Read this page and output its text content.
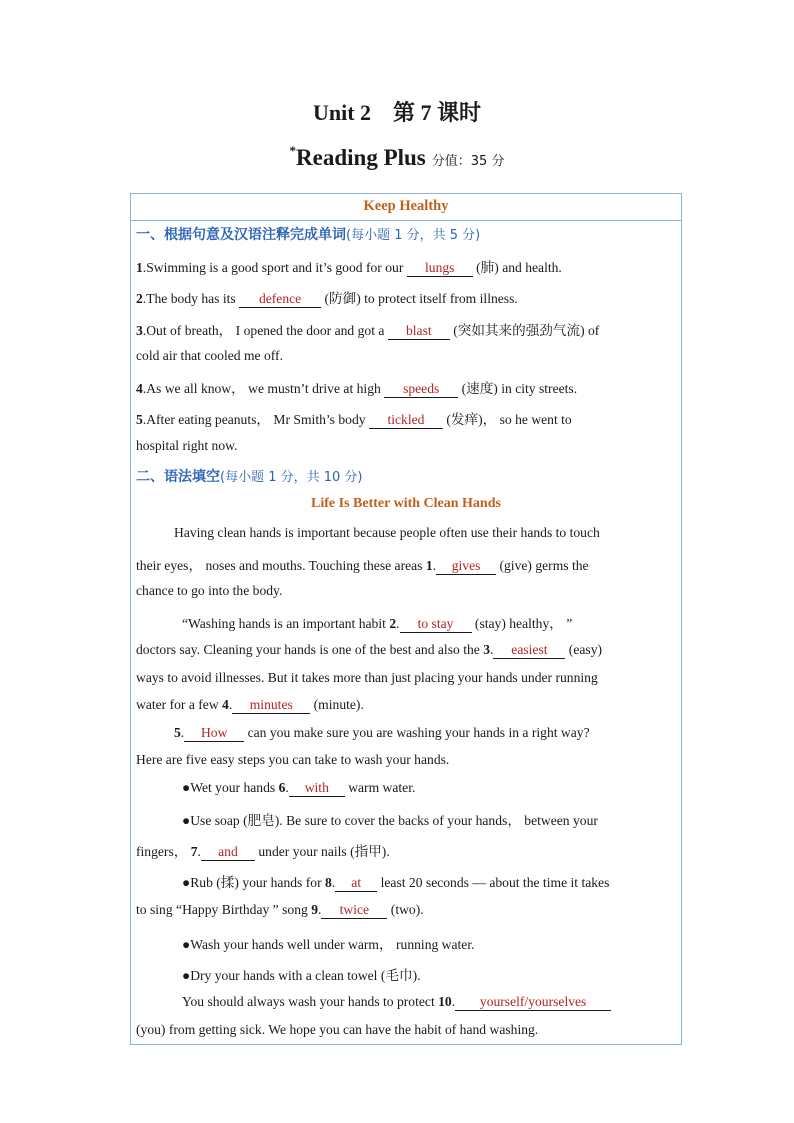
Unit 2 第 7 课时
*Reading Plus 分值：35 分
Keep Healthy
一、根据句意及汉语注释完成单词(每小题 1 分，共 5 分)
1.Swimming is a good sport and it’s good for our lungs (肺) and health.
2.The body has its defence (防御) to protect itself from illness.
3.Out of breath， I opened the door and got a blast (突如其来的强劲气流) of
cold air that cooled me off.
4.As we all know， we mustn’t drive at high speeds (速度) in city streets.
5.After eating peanuts， Mr Smith’s body tickled (发痒)， so he went to
hospital right now.
二、语法填空(每小题 1 分，共 10 分)
Life Is Better with Clean Hands
Having clean hands is important because people often use their hands to touch
their eyes， noses and mouths. Touching these areas 1. gives (give) germs the
chance to go into the body.
“Washing hands is an important habit 2. to stay (stay) healthy， ”
doctors say. Cleaning your hands is one of the best and also the 3. easiest (easy)
ways to avoid illnesses. But it takes more than just placing your hands under running
water for a few 4. minutes (minute).
5. How can you make sure you are washing your hands in a right way?
Here are five easy steps you can take to wash your hands.
●Wet your hands 6. with warm water.
●Use soap (肥皂). Be sure to cover the backs of your hands， between your
fingers， 7. and under your nails (指甲).
●Rub (揉) your hands for 8. at least 20 seconds — about the time it takes
to sing “Happy Birthday ” song 9. twice (two).
●Wash your hands well under warm， running water.
●Dry your hands with a clean towel (毛巾).
You should always wash your hands to protect 10. yourself/yourselves
(you) from getting sick. We hope you can have the habit of hand washing.
